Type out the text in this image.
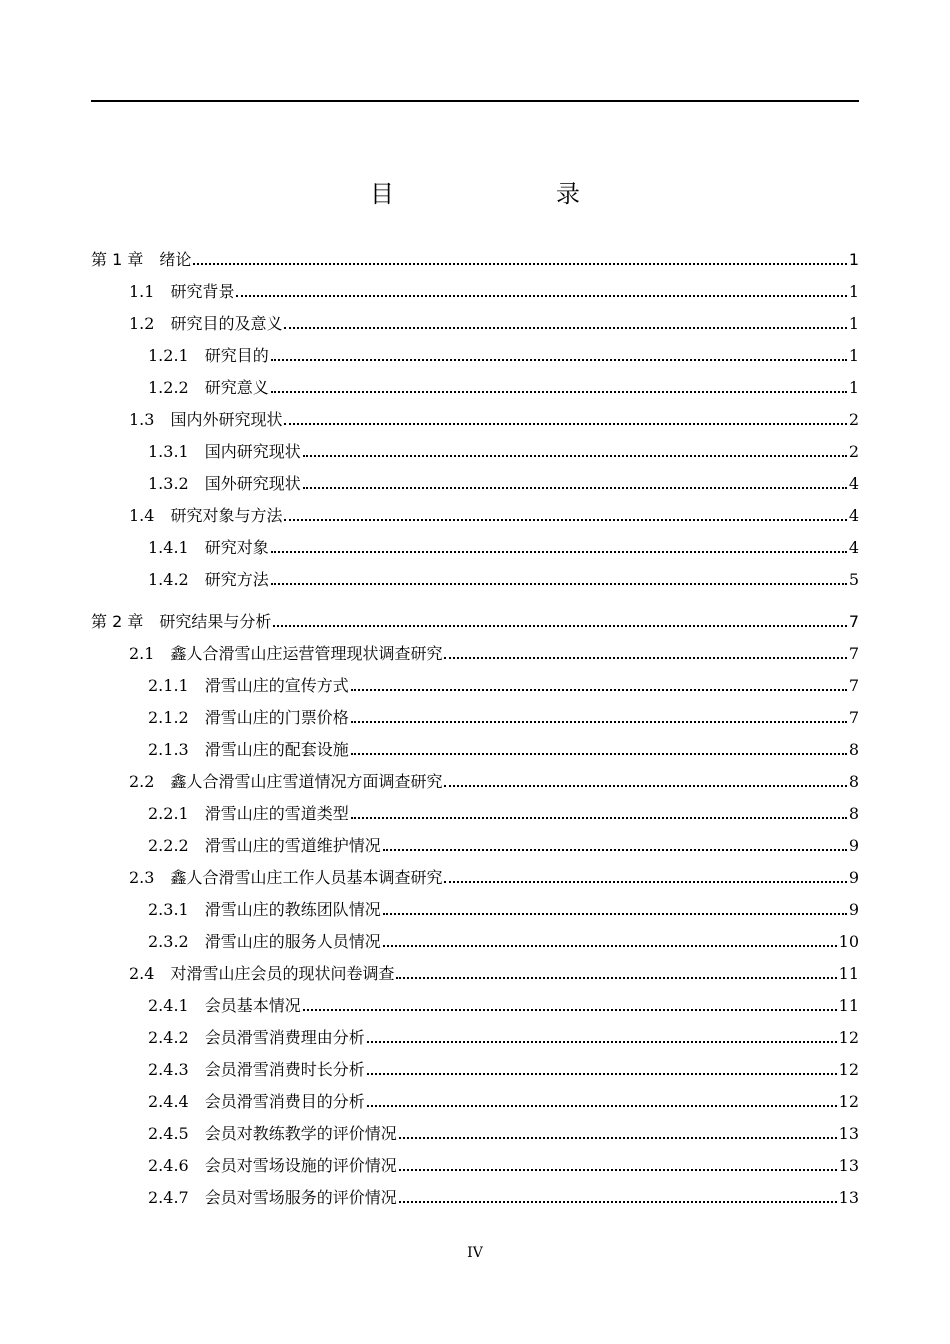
目　　录
第 1 章 绪论	1
1.1 研究背景	1
1.2 研究目的及意义	1
1.2.1 研究目的	1
1.2.2 研究意义	1
1.3 国内外研究现状	2
1.3.1 国内研究现状	2
1.3.2 国外研究现状	4
1.4 研究对象与方法	4
1.4.1 研究对象	4
1.4.2 研究方法	5
第 2 章 研究结果与分析	7
2.1 鑫人合滑雪山庄运营管理现状调查研究	7
2.1.1 滑雪山庄的宣传方式	7
2.1.2 滑雪山庄的门票价格	7
2.1.3 滑雪山庄的配套设施	8
2.2 鑫人合滑雪山庄雪道情况方面调查研究	8
2.2.1 滑雪山庄的雪道类型	8
2.2.2 滑雪山庄的雪道维护情况	9
2.3 鑫人合滑雪山庄工作人员基本调查研究	9
2.3.1 滑雪山庄的教练团队情况	9
2.3.2 滑雪山庄的服务人员情况	10
2.4 对滑雪山庄会员的现状问卷调查	11
2.4.1 会员基本情况	11
2.4.2 会员滑雪消费理由分析	12
2.4.3 会员滑雪消费时长分析	12
2.4.4 会员滑雪消费目的分析	12
2.4.5 会员对教练教学的评价情况	13
2.4.6 会员对雪场设施的评价情况	13
2.4.7 会员对雪场服务的评价情况	13
IV
